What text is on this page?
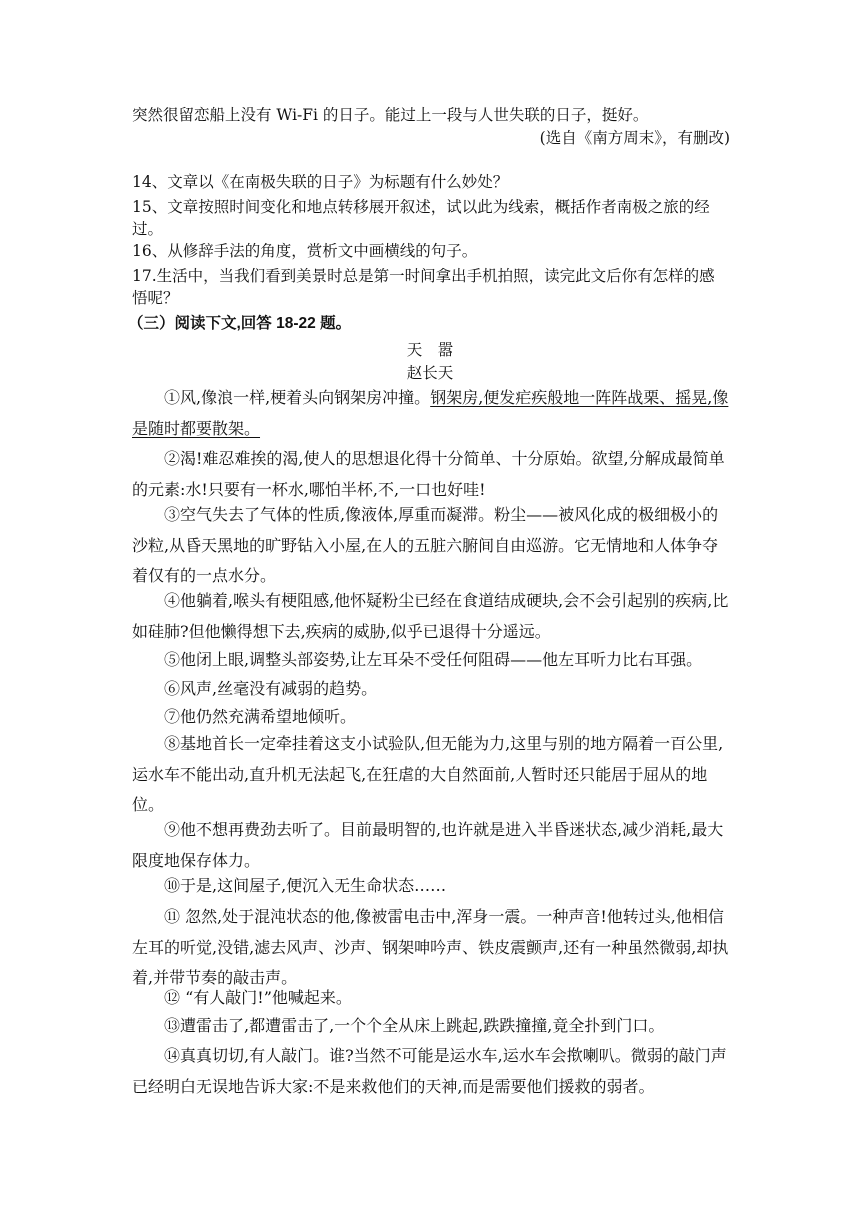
突然很留恋船上没有 Wi-Fi 的日子。能过上一段与人世失联的日子，挺好。
(选自《南方周末》，有删改)
14、文章以《在南极失联的日子》为标题有什么妙处？
15、文章按照时间变化和地点转移展开叙述，试以此为线索，概括作者南极之旅的经过。
16、从修辞手法的角度，赏析文中画横线的句子。
17.生活中，当我们看到美景时总是第一时间拿出手机拍照，读完此文后你有怎样的感悟呢？
（三）阅读下文,回答 18-22 题。
天　嚣
赵长天
①风,像浪一样,梗着头向钢架房冲撞。钢架房,便发疟疾般地一阵阵战栗、摇晃,像是随时都要散架。
②渴!难忍难挨的渴,使人的思想退化得十分简单、十分原始。欲望,分解成最简单的元素:水!只要有一杯水,哪怕半杯,不,一口也好哇!
③空气失去了气体的性质,像液体,厚重而凝滞。粉尘——被风化成的极细极小的沙粒,从昏天黑地的旷野钻入小屋,在人的五脏六腑间自由巡游。它无情地和人体争夺着仅有的一点水分。
④他躺着,喉头有梗阻感,他怀疑粉尘已经在食道结成硬块,会不会引起别的疾病,比如硅肺?但他懒得想下去,疾病的威胁,似乎已退得十分遥远。
⑤他闭上眼,调整头部姿势,让左耳朵不受任何阻碍——他左耳听力比右耳强。
⑥风声,丝毫没有减弱的趋势。
⑦他仍然充满希望地倾听。
⑧基地首长一定牵挂着这支小试验队,但无能为力,这里与别的地方隔着一百公里,运水车不能出动,直升机无法起飞,在狂虐的大自然面前,人暂时还只能居于屈从的地位。
⑨他不想再费劲去听了。目前最明智的,也许就是进入半昏迷状态,减少消耗,最大限度地保存体力。
⑩于是,这间屋子,便沉入无生命状态……
⑪ 忽然,处于混沌状态的他,像被雷电击中,浑身一震。一种声音!他转过头,他相信左耳的听觉,没错,滤去风声、沙声、钢架呻吟声、铁皮震颤声,还有一种虽然微弱,却执着,并带节奏的敲击声。
⑫ “有人敲门!”他喊起来。
⑬遭雷击了,都遭雷击了,一个个全从床上跳起,跌跌撞撞,竟全扑到门口。
⑭真真切切,有人敲门。谁?当然不可能是运水车,运水车会揿喇叭。微弱的敲门声已经明白无误地告诉大家:不是来救他们的天神,而是需要他们援救的弱者。
